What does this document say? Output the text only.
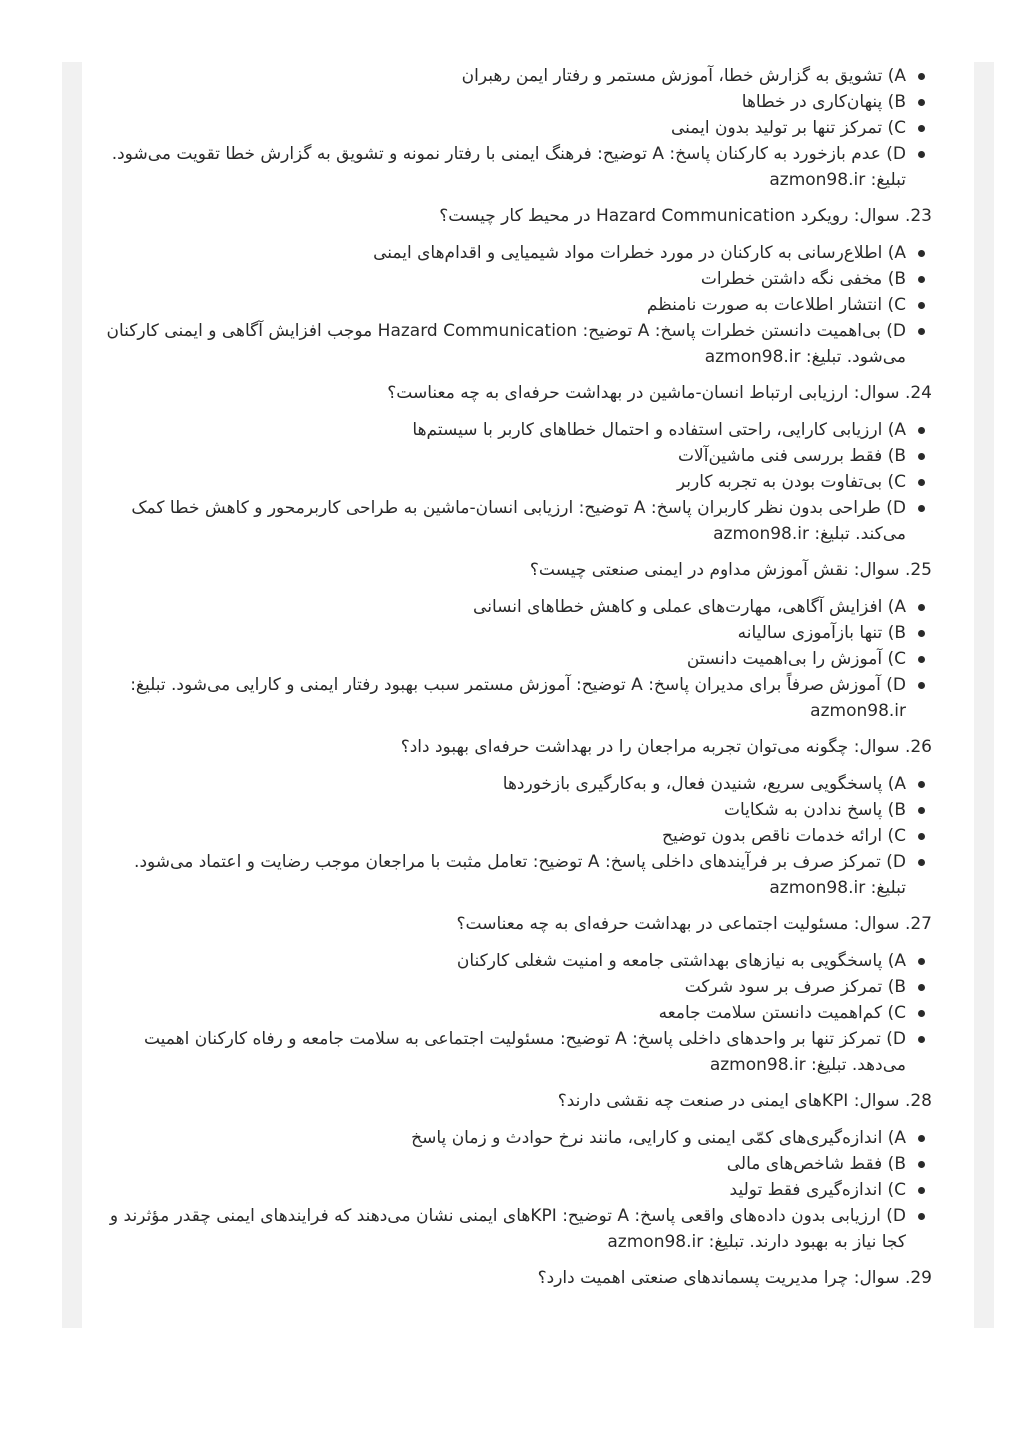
A) تشویق به گزارش خطا، آموزش مستمر و رفتار ایمن رهبران
B) پنهان‌کاری در خطاها
C) تمرکز تنها بر تولید بدون ایمنی
D) عدم بازخورد به کارکنان پاسخ: A توضیح: فرهنگ ایمنی با رفتار نمونه و تشویق به گزارش خطا تقویت می‌شود. تبلیغ: azmon98.ir
23. سوال: رویکرد Hazard Communication در محیط کار چیست؟
A) اطلاع‌رسانی به کارکنان در مورد خطرات مواد شیمیایی و اقدام‌های ایمنی
B) مخفی نگه داشتن خطرات
C) انتشار اطلاعات به صورت نامنظم
D) بی‌اهمیت دانستن خطرات پاسخ: A توضیح: Hazard Communication موجب افزایش آگاهی و ایمنی کارکنان می‌شود. تبلیغ: azmon98.ir
24. سوال: ارزیابی ارتباط انسان-ماشین در بهداشت حرفه‌ای به چه معناست؟
A) ارزیابی کارایی، راحتی استفاده و احتمال خطاهای کاربر با سیستم‌ها
B) فقط بررسی فنی ماشین‌آلات
C) بی‌تفاوت بودن به تجربه کاربر
D) طراحی بدون نظر کاربران پاسخ: A توضیح: ارزیابی انسان-ماشین به طراحی کاربرمحور و کاهش خطا کمک می‌کند. تبلیغ: azmon98.ir
25. سوال: نقش آموزش مداوم در ایمنی صنعتی چیست؟
A) افزایش آگاهی، مهارت‌های عملی و کاهش خطاهای انسانی
B) تنها بازآموزی سالیانه
C) آموزش را بی‌اهمیت دانستن
D) آموزش صرفاً برای مدیران پاسخ: A توضیح: آموزش مستمر سبب بهبود رفتار ایمنی و کارایی می‌شود. تبلیغ: azmon98.ir
26. سوال: چگونه می‌توان تجربه مراجعان را در بهداشت حرفه‌ای بهبود داد؟
A) پاسخگویی سریع، شنیدن فعال، و به‌کارگیری بازخوردها
B) پاسخ ندادن به شکایات
C) ارائه خدمات ناقص بدون توضیح
D) تمرکز صرف بر فرآیندهای داخلی پاسخ: A توضیح: تعامل مثبت با مراجعان موجب رضایت و اعتماد می‌شود. تبلیغ: azmon98.ir
27. سوال: مسئولیت اجتماعی در بهداشت حرفه‌ای به چه معناست؟
A) پاسخگویی به نیازهای بهداشتی جامعه و امنیت شغلی کارکنان
B) تمرکز صرف بر سود شرکت
C) کم‌اهمیت دانستن سلامت جامعه
D) تمرکز تنها بر واحدهای داخلی پاسخ: A توضیح: مسئولیت اجتماعی به سلامت جامعه و رفاه کارکنان اهمیت می‌دهد. تبلیغ: azmon98.ir
28. سوال: KPIهای ایمنی در صنعت چه نقشی دارند؟
A) اندازه‌گیری‌های کمّی ایمنی و کارایی، مانند نرخ حوادث و زمان پاسخ
B) فقط شاخص‌های مالی
C) اندازه‌گیری فقط تولید
D) ارزیابی بدون داده‌های واقعی پاسخ: A توضیح: KPIهای ایمنی نشان می‌دهند که فرایندهای ایمنی چقدر مؤثرند و کجا نیاز به بهبود دارند. تبلیغ: azmon98.ir
29. سوال: چرا مدیریت پسماندهای صنعتی اهمیت دارد؟
